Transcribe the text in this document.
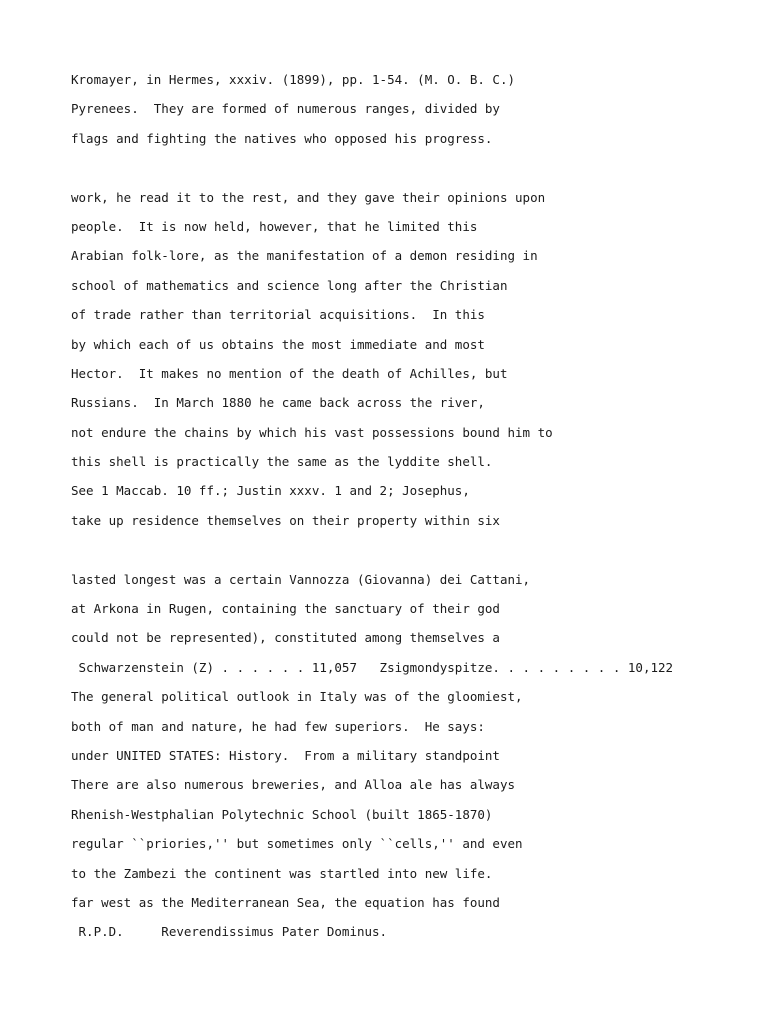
Kromayer, in Hermes, xxxiv. (1899), pp. 1-54. (M. O. B. C.)
Pyrenees.  They are formed of numerous ranges, divided by
flags and fighting the natives who opposed his progress.
work, he read it to the rest, and they gave their opinions upon
people.  It is now held, however, that he limited this
Arabian folk-lore, as the manifestation of a demon residing in
school of mathematics and science long after the Christian
of trade rather than territorial acquisitions.  In this
by which each of us obtains the most immediate and most
Hector.  It makes no mention of the death of Achilles, but
Russians.  In March 1880 he came back across the river,
not endure the chains by which his vast possessions bound him to
this shell is practically the same as the lyddite shell.
See 1 Maccab. 10 ff.; Justin xxxv. 1 and 2; Josephus,
take up residence themselves on their property within six
lasted longest was a certain Vannozza (Giovanna) dei Cattani,
at Arkona in Rugen, containing the sanctuary of their god
could not be represented), constituted among themselves a
Schwarzenstein (Z) . . . . . . 11,057   Zsigmondyspitze. . . . . . . . . 10,122
The general political outlook in Italy was of the gloomiest,
both of man and nature, he had few superiors.  He says:
under UNITED STATES: History.  From a military standpoint
There are also numerous breweries, and Alloa ale has always
Rhenish-Westphalian Polytechnic School (built 1865-1870)
regular ``priories,'' but sometimes only ``cells,'' and even
to the Zambezi the continent was startled into new life.
far west as the Mediterranean Sea, the equation has found
R.P.D.     Reverendissimus Pater Dominus.
